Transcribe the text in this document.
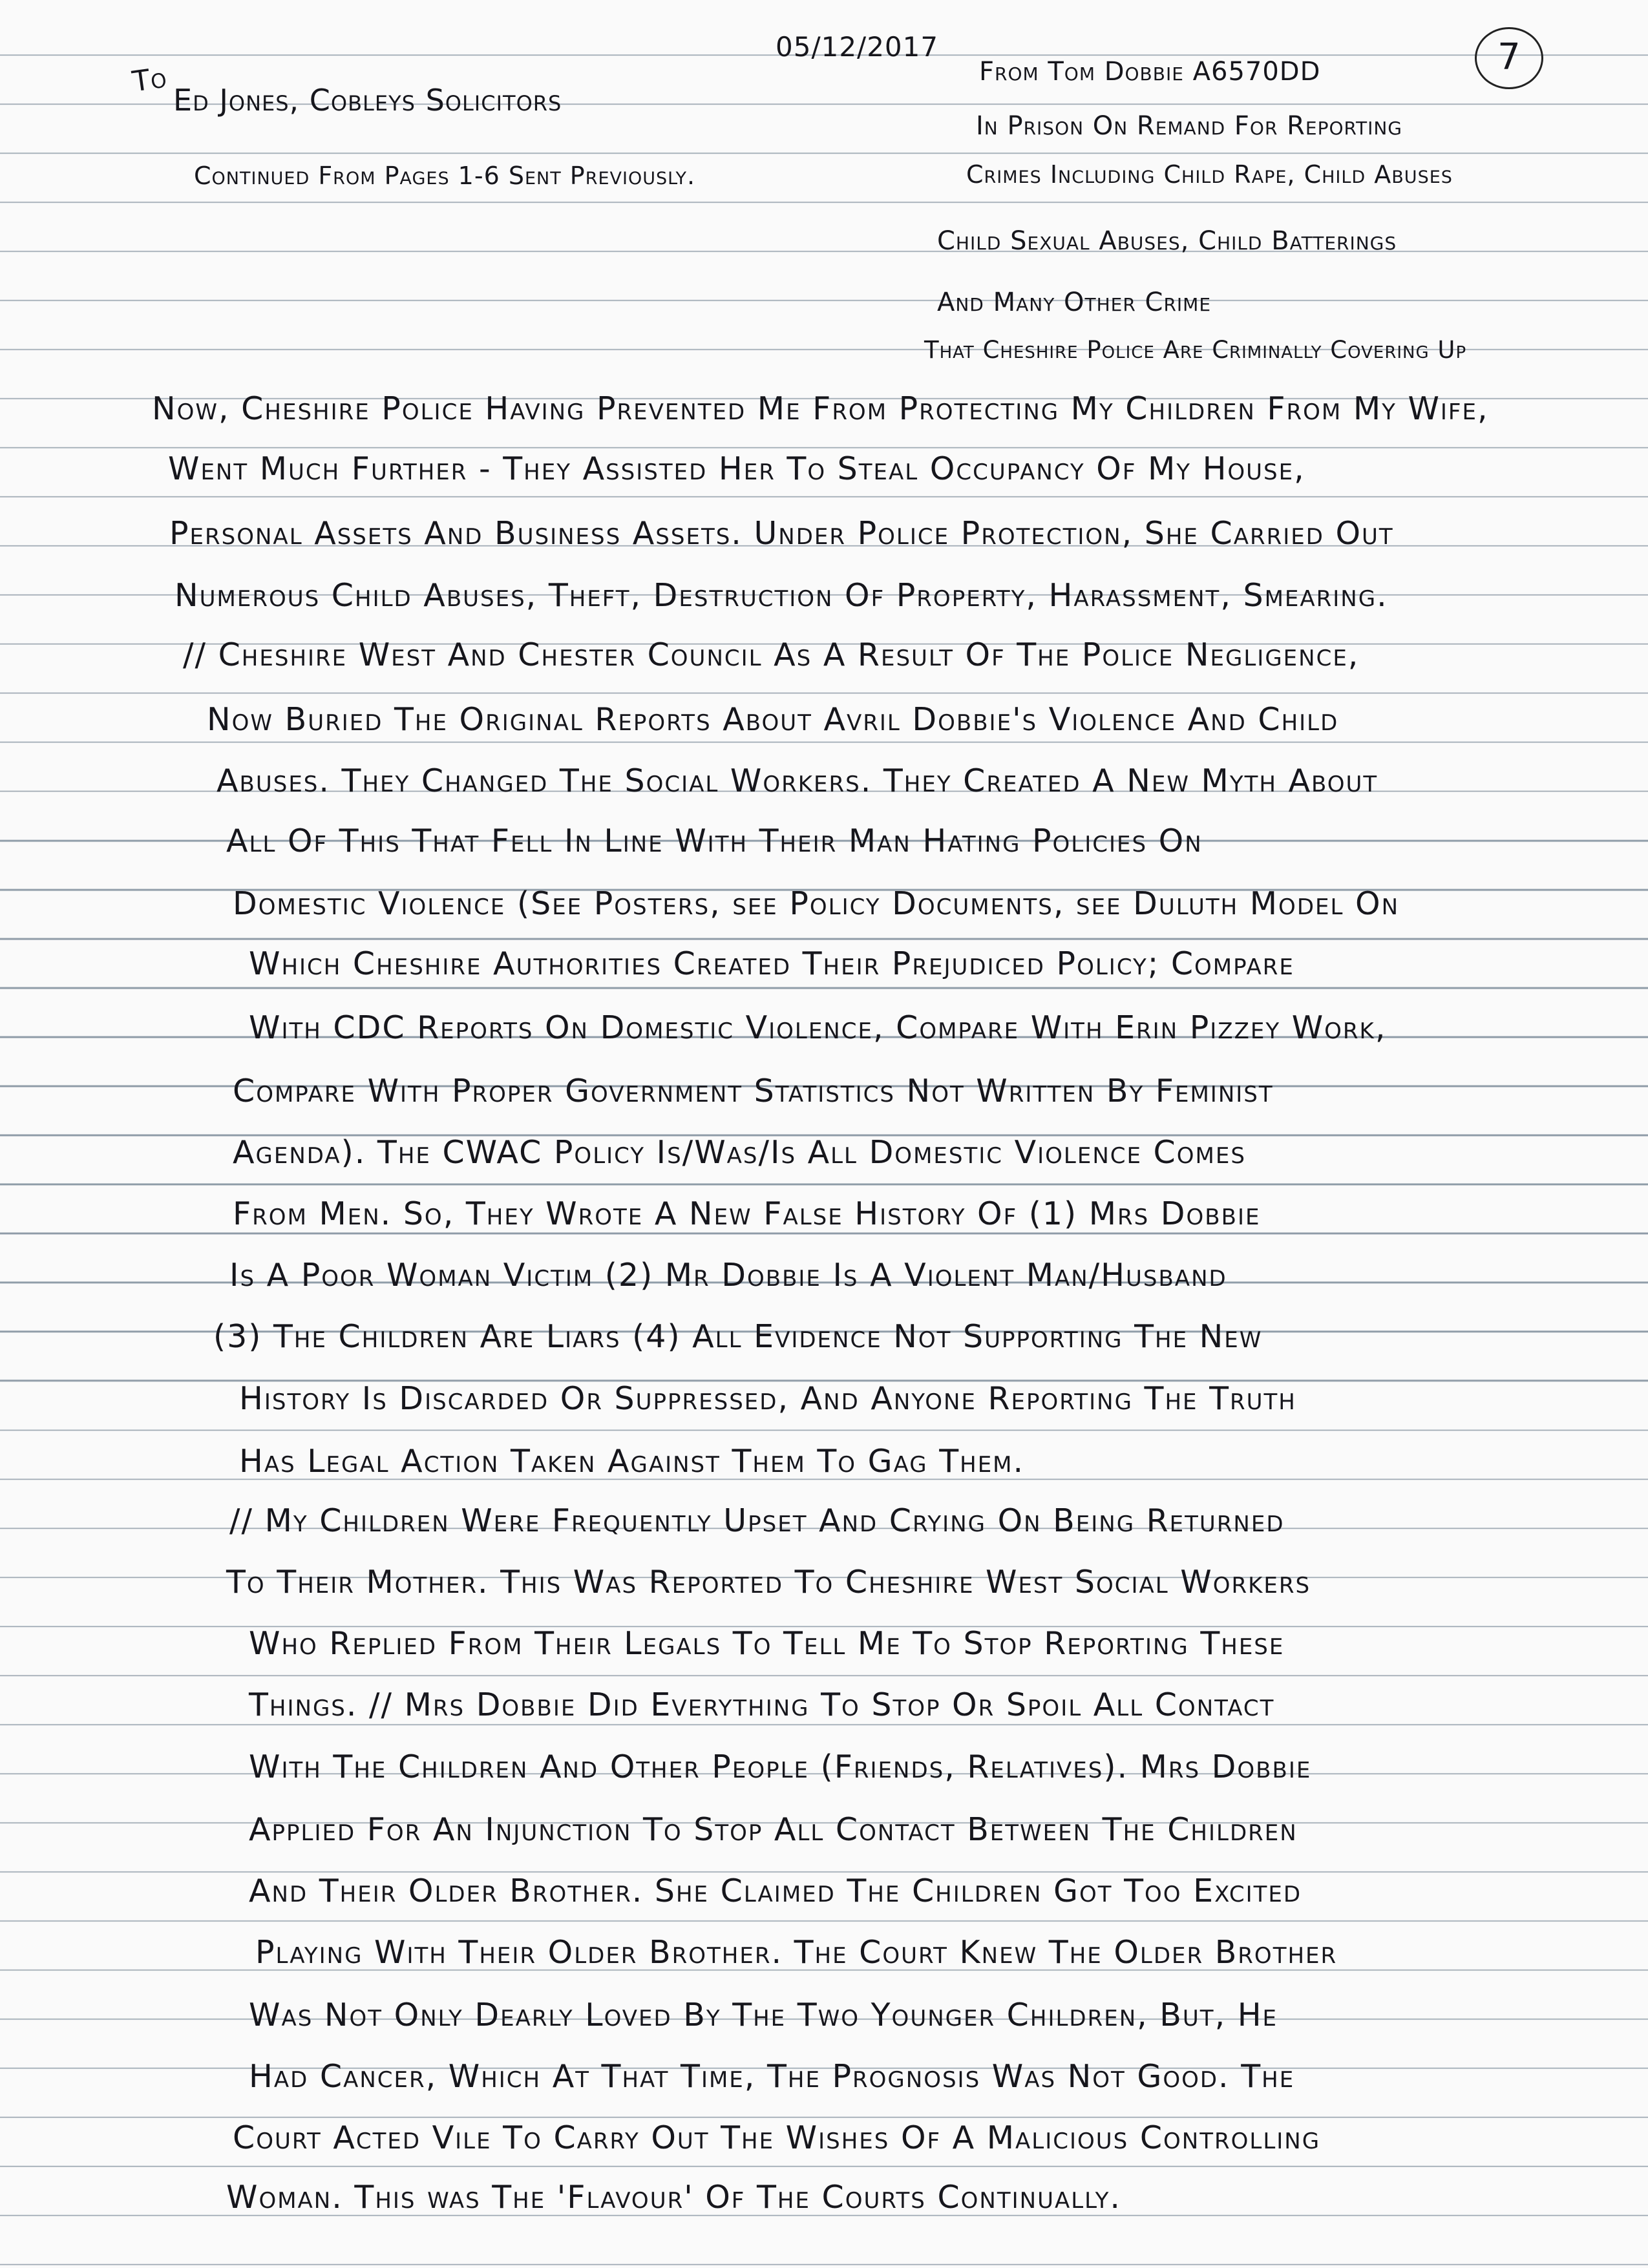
To
Ed Jones, Cobleys Solicitors
Continued From Pages 1-6 Sent Previously.
05/12/2017	7
From Tom Dobbie A6570DD
In Prison On Remand For Reporting
Crimes Including Child Rape, Child Abuses
Child Sexual Abuses, Child Batterings
And Many Other Crime
That Cheshire Police Are Criminally Covering Up
Now, Cheshire Police Having Prevented Me From Protecting My Children From My Wife,
Went Much Further - They Assisted Her To Steal Occupancy Of My House,
Personal Assets And Business Assets. Under Police Protection, She Carried Out
Numerous Child Abuses, Theft, Destruction Of Property, Harassment, Smearing.
// Cheshire West And Chester Council As A Result Of The Police Negligence,
Now Buried The Original Reports About Avril Dobbie's Violence And Child
Abuses. They Changed The Social Workers. They Created A New Myth About
All Of This That Fell In Line With Their Man Hating Policies On
Domestic Violence (See Posters, see Policy Documents, see Duluth Model On
Which Cheshire Authorities Created Their Prejudiced Policy; Compare
With CDC Reports On Domestic Violence, Compare With Erin Pizzey Work,
Compare With Proper Government Statistics Not Written By Feminist
Agenda). The CWAC Policy Is/Was/Is All Domestic Violence Comes
From Men. So, They Wrote A New False History Of (1) Mrs Dobbie
Is A Poor Woman Victim (2) Mr Dobbie Is A Violent Man/Husband
(3) The Children Are Liars (4) All Evidence Not Supporting The New
History Is Discarded Or Suppressed, And Anyone Reporting The Truth
Has Legal Action Taken Against Them To Gag Them.
// My Children Were Frequently Upset And Crying On Being Returned
To Their Mother. This Was Reported To Cheshire West Social Workers
Who Replied From Their Legals To Tell Me To Stop Reporting These
Things. // Mrs Dobbie Did Everything To Stop Or Spoil All Contact
With The Children And Other People (Friends, Relatives). Mrs Dobbie
Applied For An Injunction To Stop All Contact Between The Children
And Their Older Brother. She Claimed The Children Got Too Excited
Playing With Their Older Brother. The Court Knew The Older Brother
Was Not Only Dearly Loved By The Two Younger Children, But, He
Had Cancer, Which At That Time, The Prognosis Was Not Good. The
Court Acted Vile To Carry Out The Wishes Of A Malicious Controlling
Woman. This was The 'Flavour' Of The Courts Continually.
